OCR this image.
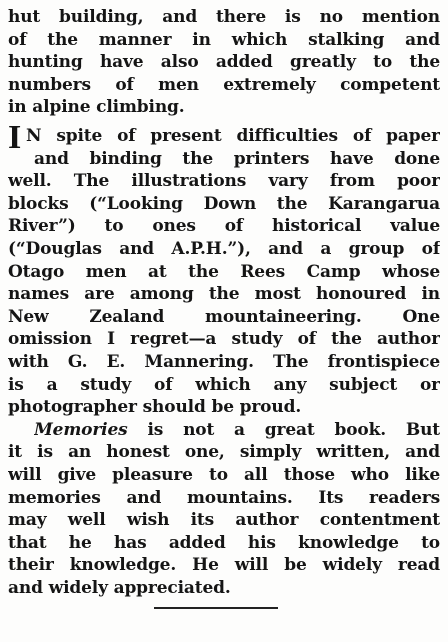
hut building, and there is no mention
of the manner in which stalking and
hunting have also added greatly to the
numbers of men extremely competent
in alpine climbing.
I N spite of present difficulties of paper
and binding the printers have done
well. The illustrations vary from poor
blocks (“Looking Down the Karangarua
River”) to ones of historical value
(“Douglas and A.P.H.”), and a group of
Otago men at the Rees Camp whose
names are among the most honoured in
New Zealand mountaineering. One
omission I regret—a study of the author
with G. E. Mannering. The frontispiece
is a study of which any subject or
photographer should be proud.
Memories is not a great book. But
it is an honest one, simply written, and
will give pleasure to all those who like
memories and mountains. Its readers
may well wish its author contentment
that he has added his knowledge to
their knowledge. He will be widely read
and widely appreciated.
